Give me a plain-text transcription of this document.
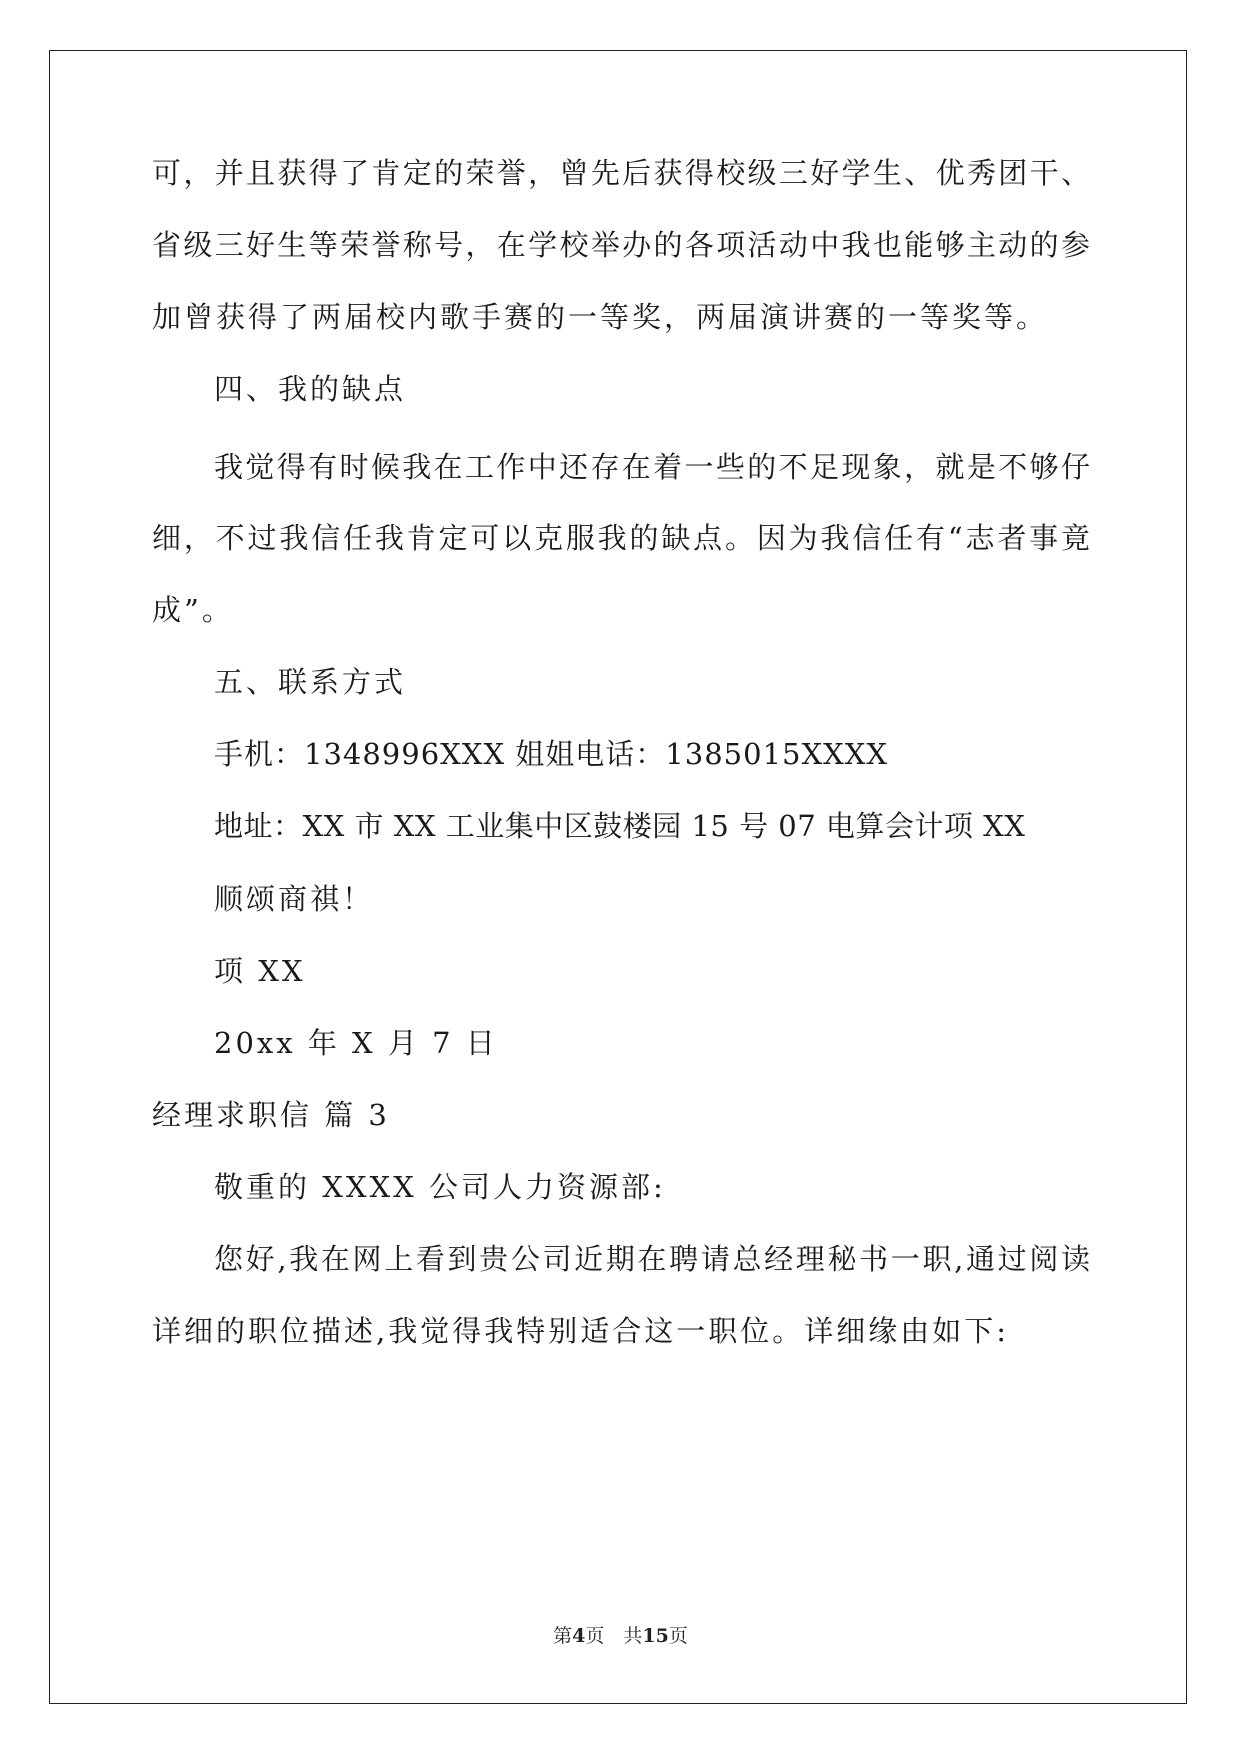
可，并且获得了肯定的荣誉，曾先后获得校级三好学生、优秀团干、
省级三好生等荣誉称号，在学校举办的各项活动中我也能够主动的参
加曾获得了两届校内歌手赛的一等奖，两届演讲赛的一等奖等。
四、我的缺点
我觉得有时候我在工作中还存在着一些的不足现象，就是不够仔
细，不过我信任我肯定可以克服我的缺点。因为我信任有“志者事竟
成”。
五、联系方式
手机：1348996XXX 姐姐电话：1385015XXXX
地址：XX 市 XX 工业集中区鼓楼园 15 号 07 电算会计项 XX
顺颂商祺！
项 XX
20xx 年 X 月 7 日
经理求职信 篇 3
敬重的 XXXX 公司人力资源部:
您好,我在网上看到贵公司近期在聘请总经理秘书一职,通过阅读
详细的职位描述,我觉得我特别适合这一职位。详细缘由如下:
第4页　共15页
